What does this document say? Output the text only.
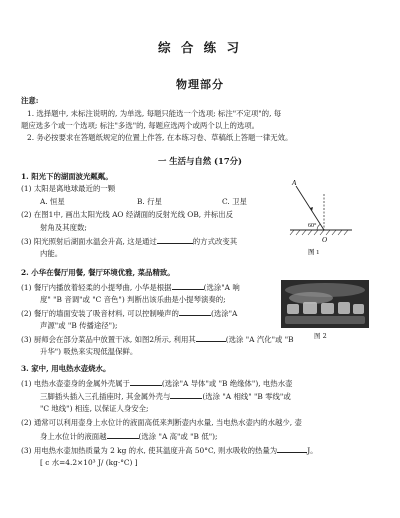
综 合 练 习
物理部分
注意:
1. 选择题中, 未标注说明的, 为单选, 每题只能选一个选项; 标注"不定项"的, 每
题应选多个或一个选项; 标注"多选"的, 每题应选两个或两个以上的选项。
2. 务必按要求在答题纸规定的位置上作答, 在本练习卷、草稿纸上答题一律无效。
一 生活与自然 (17分)
1. 阳光下的湖面波光粼粼。
(1) 太阳是离地球最近的一颗
A. 恒星	B. 行星	C. 卫星
(2) 在图1中, 画出太阳光线 AO 经湖面的反射光线 OB, 并标出反
射角及其度数;
(3) 阳光照射后湖面水温会升高, 这是通过	的方式改变其
内能。
A
O
60°
图 1
2. 小华在餐厅用餐, 餐厅环境优雅, 菜品精致。
(1) 餐厅内播放着轻柔的小提琴曲, 小华是根据	(选涂"A 响
度" "B 音调"或 "C 音色") 判断出该乐曲是小提琴演奏的;
(2) 餐厅的墙面安装了吸音材料, 可以控制噪声的	(选涂"A
声源"或 "B 传播途径");
(3) 厨师会在部分菜品中放置干冰, 如图2所示, 利用其	(选涂 "A 汽化"或 "B
升华") 吸热来实现低温保鲜。
图 2
3. 家中, 用电热水壶烧水。
(1) 电热水壶壶身的金属外壳属于	(选涂"A 导体"或 "B 绝缘体"), 电热水壶
三脚插头插入三孔插座时, 其金属外壳与	(选涂 "A 相线" "B 零线"或
"C 地线") 相连, 以保证人身安全;
(2) 通常可以利用壶身上水位计的液面高低来判断壶内水量, 当电热水壶内的水越少, 壶
身上水位计的液面越	(选涂 "A 高"或 "B 低");
(3) 用电热水壶加热质量为 2 kg 的水, 使其温度升高 50°C, 则水吸收的热量为	J。
[ c 水=4.2×10³ J/ (kg·°C) ]
